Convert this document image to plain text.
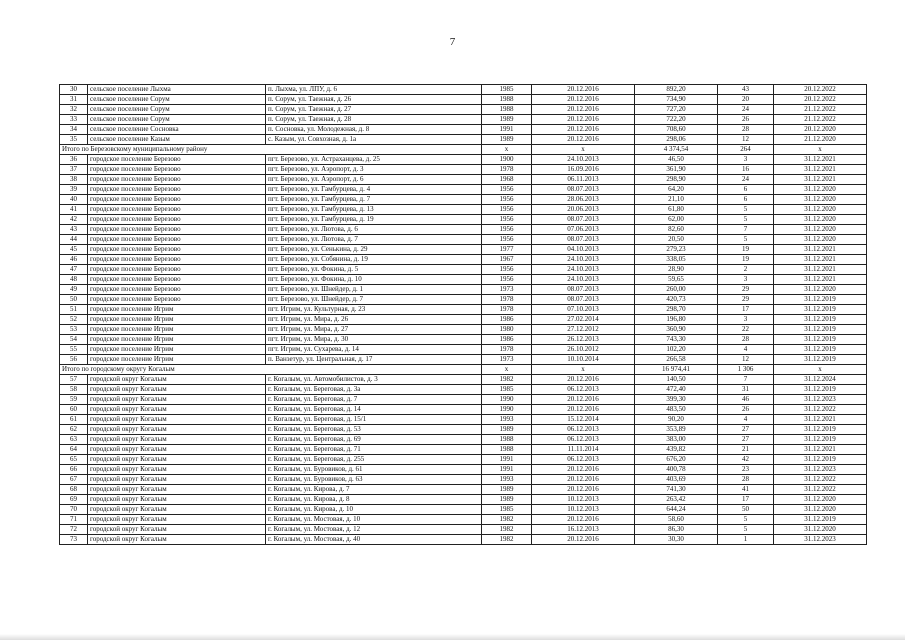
7
30	сельское поселение Лыхма	п. Лыхма, ул. ЛПУ, д. 6	1985	20.12.2016	892,20	43	20.12.2022
31	сельское поселение Сорум	п. Сорум, ул. Таежная, д. 26	1988	20.12.2016	734,90	20	20.12.2022
32	сельское поселение Сорум	п. Сорум, ул. Таежная, д. 27	1988	20.12.2016	727,20	24	21.12.2022
33	сельское поселение Сорум	п. Сорум, ул. Таежная, д. 28	1989	20.12.2016	722,20	26	21.12.2022
34	сельское поселение Сосновка	п. Сосновка, ул. Молодежная, д. 8	1991	20.12.2016	708,60	28	20.12.2020
35	сельское поселение Казым	с. Казым, ул. Совхозная, д. 1а	1989	20.12.2016	298,06	12	21.12.2020
Итого по Березовскому муниципальному району			x	x	4 374,54	264	x
36	городское поселение Березово	пгт. Березово, ул. Астраханцева, д. 25	1900	24.10.2013	46,50	3	31.12.2021
37	городское поселение Березово	пгт. Березово, ул. Аэропорт, д. 3	1978	16.09.2016	361,90	16	31.12.2021
38	городское поселение Березово	пгт. Березово, ул. Аэропорт, д. 6	1968	06.11.2013	298,90	24	31.12.2021
39	городское поселение Березово	пгт. Березово, ул. Гамбурцева, д. 4	1956	08.07.2013	64,20	6	31.12.2020
40	городское поселение Березово	пгт. Березово, ул. Гамбурцева, д. 7	1956	28.06.2013	21,10	6	31.12.2020
41	городское поселение Березово	пгт. Березово, ул. Гамбурцева, д. 13	1956	20.06.2013	61,80	5	31.12.2020
42	городское поселение Березово	пгт. Березово, ул. Гамбурцева, д. 19	1956	08.07.2013	62,00	5	31.12.2020
43	городское поселение Березово	пгт. Березово, ул. Лютова, д. 6	1956	07.06.2013	82,60	7	31.12.2020
44	городское поселение Березово	пгт. Березово, ул. Лютова, д. 7	1956	08.07.2013	20,50	5	31.12.2020
45	городское поселение Березово	пгт. Березово, ул. Сенькина, д. 29	1977	04.10.2013	279,23	19	31.12.2021
46	городское поселение Березово	пгт. Березово, ул. Собянина, д. 19	1967	24.10.2013	338,05	19	31.12.2021
47	городское поселение Березово	пгт. Березово, ул. Фокина, д. 5	1956	24.10.2013	28,90	2	31.12.2021
48	городское поселение Березово	пгт. Березово, ул. Фокина, д. 10	1956	24.10.2013	59,65	3	31.12.2021
49	городское поселение Березово	пгт. Березово, ул. Шнейдер, д. 1	1973	08.07.2013	260,00	29	31.12.2020
50	городское поселение Березово	пгт. Березово, ул. Шнейдер, д. 7	1978	08.07.2013	420,73	29	31.12.2019
51	городское поселение Игрим	пгт. Игрим, ул. Культурная, д. 23	1978	07.10.2013	298,70	17	31.12.2019
52	городское поселение Игрим	пгт. Игрим, ул. Мира, д. 26	1986	27.02.2014	196,80	3	31.12.2019
53	городское поселение Игрим	пгт. Игрим, ул. Мира, д. 27	1980	27.12.2012	360,90	22	31.12.2019
54	городское поселение Игрим	пгт. Игрим, ул. Мира, д. 30	1986	26.12.2013	743,30	28	31.12.2019
55	городское поселение Игрим	пгт. Игрим, ул. Сухарева, д. 14	1978	26.10.2012	102,20	4	31.12.2019
56	городское поселение Игрим	п. Ванзетур, ул. Центральная, д. 17	1973	10.10.2014	266,58	12	31.12.2019
Итого по городскому округу Когалым			x	x	16 974,41	1 306	x
57	городской округ Когалым	г. Когалым, ул. Автомобилистов, д. 3	1982	20.12.2016	140,50	7	31.12.2024
58	городской округ Когалым	г. Когалым, ул. Береговая, д. 3а	1985	06.12.2013	472,40	31	31.12.2019
59	городской округ Когалым	г. Когалым, ул. Береговая, д. 7	1990	20.12.2016	399,30	46	31.12.2023
60	городской округ Когалым	г. Когалым, ул. Береговая, д. 14	1990	20.12.2016	483,50	26	31.12.2022
61	городской округ Когалым	г. Когалым, ул. Береговая, д. 15/1	1993	15.12.2014	90,20	4	31.12.2021
62	городской округ Когалым	г. Когалым, ул. Береговая, д. 53	1989	06.12.2013	353,89	27	31.12.2019
63	городской округ Когалым	г. Когалым, ул. Береговая, д. 69	1988	06.12.2013	383,00	27	31.12.2019
64	городской округ Когалым	г. Когалым, ул. Береговая, д. 71	1988	11.11.2014	439,82	21	31.12.2021
65	городской округ Когалым	г. Когалым, ул. Береговая, д. 255	1991	06.12.2013	676,20	42	31.12.2019
66	городской округ Когалым	г. Когалым, ул. Буровиков, д. 61	1991	20.12.2016	400,78	23	31.12.2023
67	городской округ Когалым	г. Когалым, ул. Буровиков, д. 63	1993	20.12.2016	403,69	28	31.12.2022
68	городской округ Когалым	г. Когалым, ул. Кирова, д. 7	1989	20.12.2016	741,30	41	31.12.2022
69	городской округ Когалым	г. Когалым, ул. Кирова, д. 8	1989	10.12.2013	263,42	17	31.12.2020
70	городской округ Когалым	г. Когалым, ул. Кирова, д. 10	1985	10.12.2013	644,24	50	31.12.2020
71	городской округ Когалым	г. Когалым, ул. Мостовая, д. 10	1982	20.12.2016	58,60	5	31.12.2019
72	городской округ Когалым	г. Когалым, ул. Мостовая, д. 12	1982	16.12.2013	86,30	5	31.12.2020
73	городской округ Когалым	г. Когалым, ул. Мостовая, д. 40	1982	20.12.2016	30,30	1	31.12.2023
